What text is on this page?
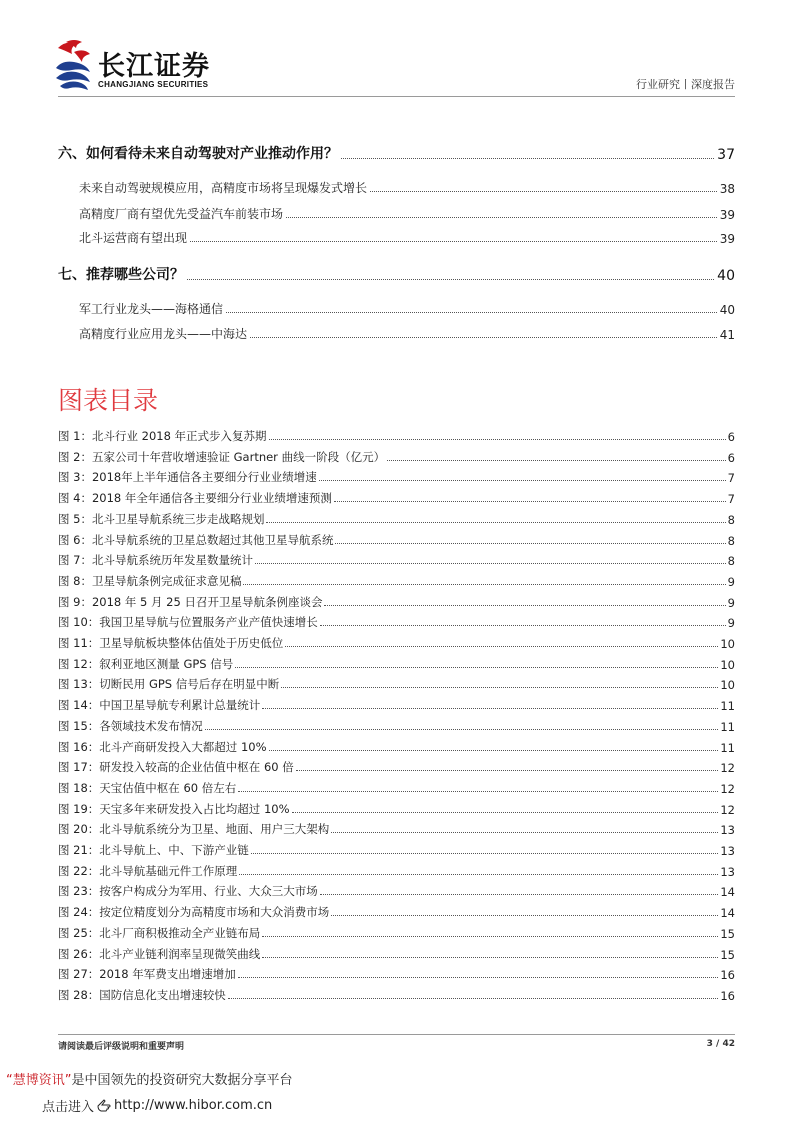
长江证券
CHANGJIANG SECURITIES	行业研究丨深度报告
六、如何看待未来自动驾驶对产业推动作用？	37
未来自动驾驶规模应用，高精度市场将呈现爆发式增长	38
高精度厂商有望优先受益汽车前装市场	39
北斗运营商有望出现	39
七、推荐哪些公司？	40
军工行业龙头——海格通信	40
高精度行业应用龙头——中海达	41
图表目录
图 1：北斗行业 2018 年正式步入复苏期	6
图 2：五家公司十年营收增速验证 Gartner 曲线一阶段（亿元）	6
图 3：2018年上半年通信各主要细分行业业绩增速	7
图 4：2018 年全年通信各主要细分行业业绩增速预测	7
图 5：北斗卫星导航系统三步走战略规划	8
图 6：北斗导航系统的卫星总数超过其他卫星导航系统	8
图 7：北斗导航系统历年发星数量统计	8
图 8：卫星导航条例完成征求意见稿	9
图 9：2018 年 5 月 25 日召开卫星导航条例座谈会	9
图 10：我国卫星导航与位置服务产业产值快速增长	9
图 11：卫星导航板块整体估值处于历史低位	10
图 12：叙利亚地区测量 GPS 信号	10
图 13：切断民用 GPS 信号后存在明显中断	10
图 14：中国卫星导航专利累计总量统计	11
图 15：各领域技术发布情况	11
图 16：北斗产商研发投入大都超过 10%	11
图 17：研发投入较高的企业估值中枢在 60 倍	12
图 18：天宝估值中枢在 60 倍左右	12
图 19：天宝多年来研发投入占比均超过 10%	12
图 20：北斗导航系统分为卫星、地面、用户三大架构	13
图 21：北斗导航上、中、下游产业链	13
图 22：北斗导航基础元件工作原理	13
图 23：按客户构成分为军用、行业、大众三大市场	14
图 24：按定位精度划分为高精度市场和大众消费市场	14
图 25：北斗厂商积极推动全产业链布局	15
图 26：北斗产业链利润率呈现微笑曲线	15
图 27：2018 年军费支出增速增加	16
图 28：国防信息化支出增速较快	16
请阅读最后评级说明和重要声明	3 / 42
“慧博资讯”是中国领先的投资研究大数据分享平台
点击进入 http://www.hibor.com.cn
